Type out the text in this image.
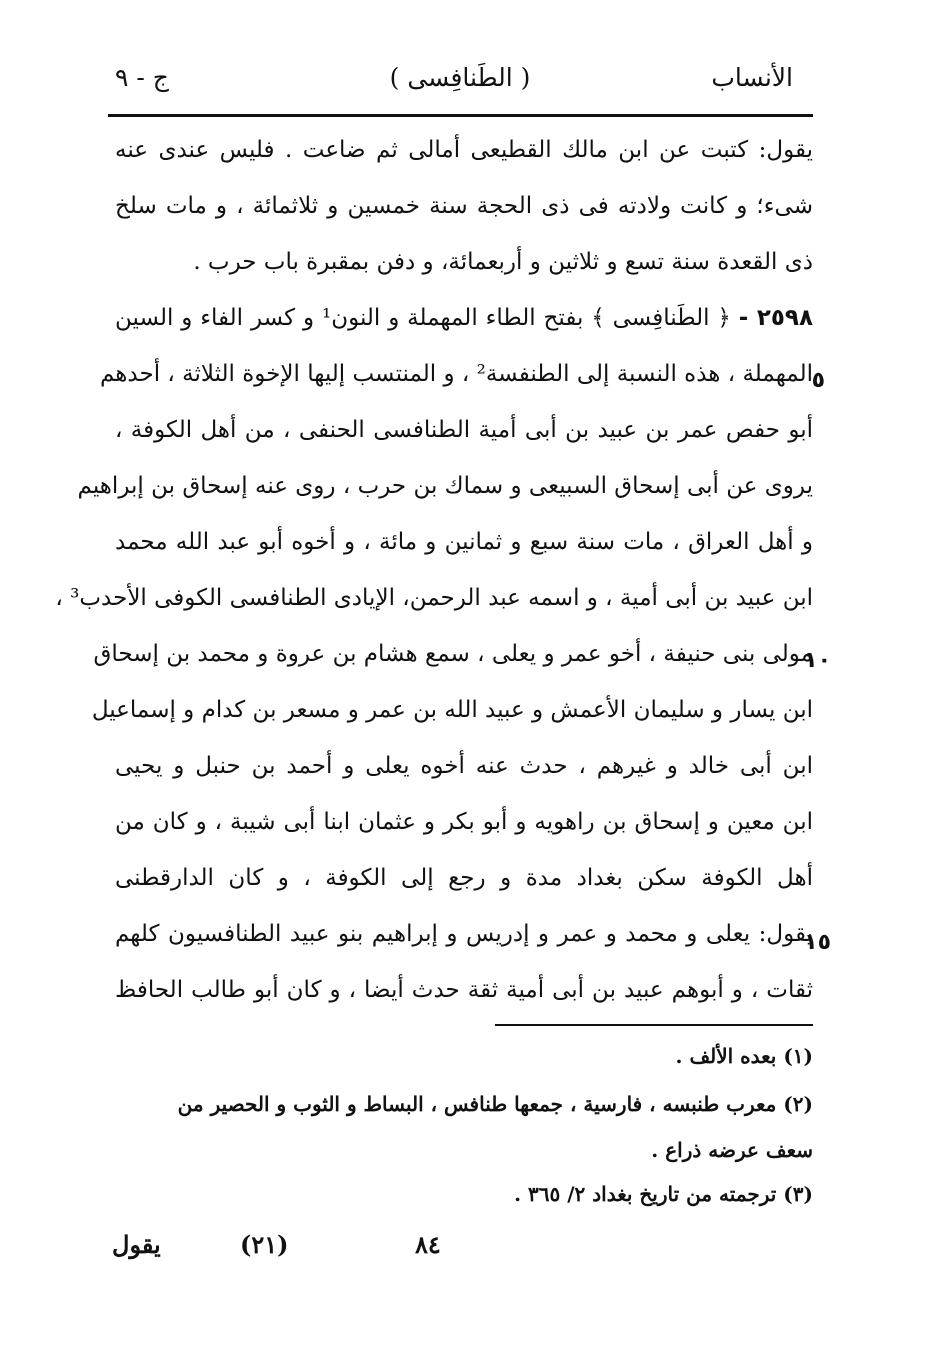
الأنساب
( الطَنافِسى )
ج - ٩
يقول: كتبت عن ابن مالك القطيعى أمالى ثم ضاعت . فليس عندى عنه
شىء؛ و كانت ولادته فى ذى الحجة سنة خمسين و ثلاثمائة ، و مات سلخ
ذى القعدة سنة تسع و ثلاثين و أربعمائة، و دفن بمقبرة باب حرب .
٢٥٩٨ - ﴿ الطَنافِسى ﴾ بفتح الطاء المهملة و النون¹ و كسر الفاء و السين
المهملة ، هذه النسبة إلى الطنفسة² ، و المنتسب إليها الإخوة الثلاثة ، أحدهم
٥
أبو حفص عمر بن عبيد بن أبى أمية الطنافسى الحنفى ، من أهل الكوفة ،
يروى عن أبى إسحاق السبيعى و سماك بن حرب ، روى عنه إسحاق بن إبراهيم
و أهل العراق ، مات سنة سبع و ثمانين و مائة ، و أخوه أبو عبد الله محمد
ابن عبيد بن أبى أمية ، و اسمه عبد الرحمن، الإيادى الطنافسى الكوفى الأحدب³ ،
مولى بنى حنيفة ، أخو عمر و يعلى ، سمع هشام بن عروة و محمد بن إسحاق
١٠
ابن يسار و سليمان الأعمش و عبيد الله بن عمر و مسعر بن كدام و إسماعيل
ابن أبى خالد و غيرهم ، حدث عنه أخوه يعلى و أحمد بن حنبل و يحيى
ابن معين و إسحاق بن راهويه و أبو بكر و عثمان ابنا أبى شيبة ، و كان من
أهل الكوفة سكن بغداد مدة و رجع إلى الكوفة ، و كان الدارقطنى
يقول: يعلى و محمد و عمر و إدريس و إبراهيم بنو عبيد الطنافسيون كلهم
١٥
ثقات ، و أبوهم عبيد بن أبى أمية ثقة حدث أيضا ، و كان أبو طالب الحافظ
(١) بعده الألف .
(٢) معرب طنبسه ، فارسية ، جمعها طنافس ، البساط و الثوب و الحصير من
سعف عرضه ذراع .
(٣) ترجمته من تاريخ بغداد ٢/ ٣٦٥ .
يقول	(٢١)	٨٤
